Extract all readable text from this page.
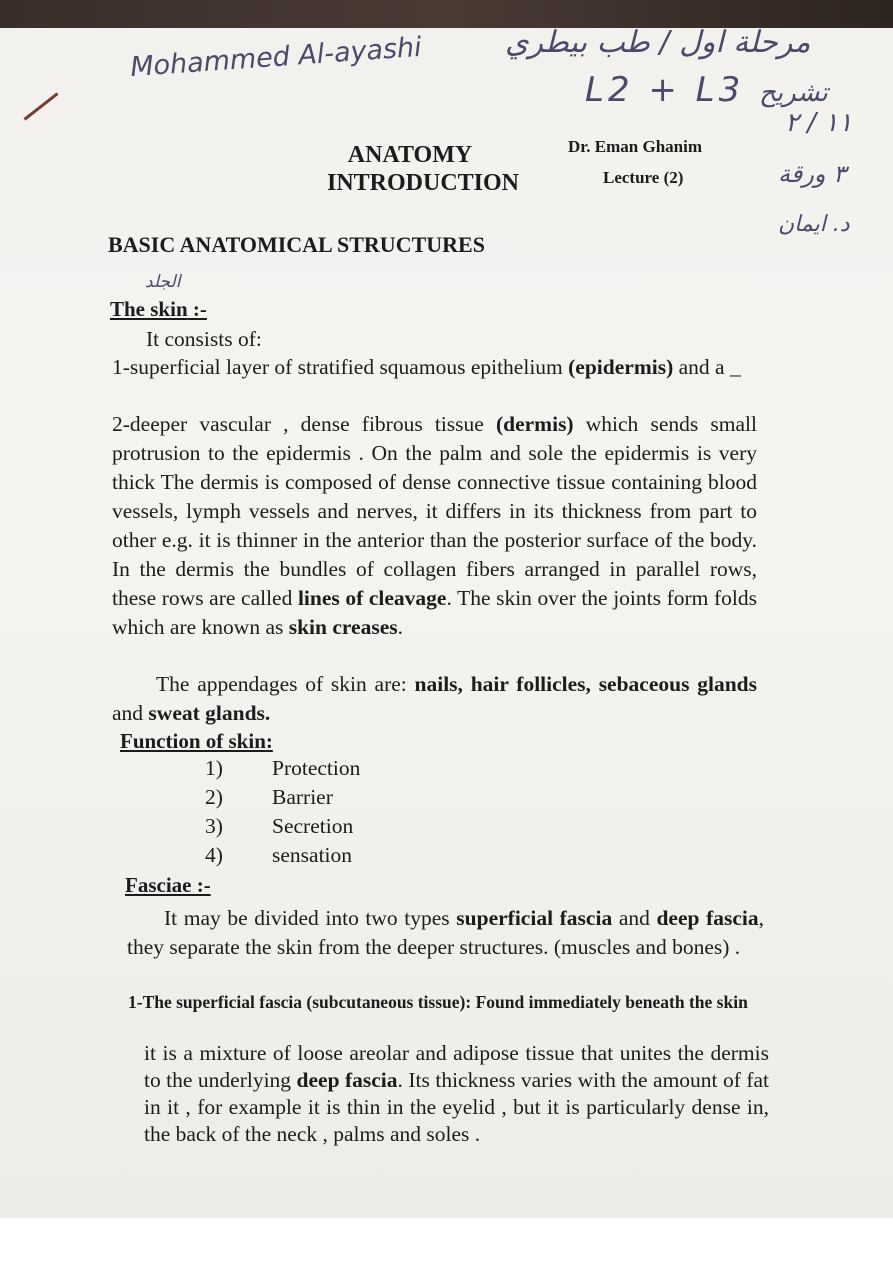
Mohammed Al-ayashi	مرحلة اول / طب بيطري
L2 + L3 تشريح
١١ / ٢
٣ ورقة
د. ايمان
الجلد
ANATOMY
INTRODUCTION
Dr. Eman Ghanim
Lecture (2)
BASIC ANATOMICAL STRUCTURES
The skin :-
It consists of:
1-superficial layer of stratified squamous epithelium (epidermis) and a _
2-deeper vascular , dense fibrous tissue (dermis) which sends small protrusion to the epidermis . On the palm and sole the epidermis is very thick The dermis is composed of dense connective tissue containing blood vessels, lymph vessels and nerves, it differs in its thickness from part to other e.g. it is thinner in the anterior than the posterior surface of the body. In the dermis the bundles of collagen fibers arranged in parallel rows, these rows are called lines of cleavage. The skin over the joints form folds which are known as skin creases.
The appendages of skin are: nails, hair follicles, sebaceous glands and sweat glands.
Function of skin:
1) Protection
2) Barrier
3) Secretion
4) sensation
Fasciae :-
It may be divided into two types superficial fascia and deep fascia, they separate the skin from the deeper structures. (muscles and bones) .
1-The superficial fascia (subcutaneous tissue): Found immediately beneath the skin
it is a mixture of loose areolar and adipose tissue that unites the dermis to the underlying deep fascia. Its thickness varies with the amount of fat in it , for example it is thin in the eyelid , but it is particularly dense in, the back of the neck , palms and soles .
